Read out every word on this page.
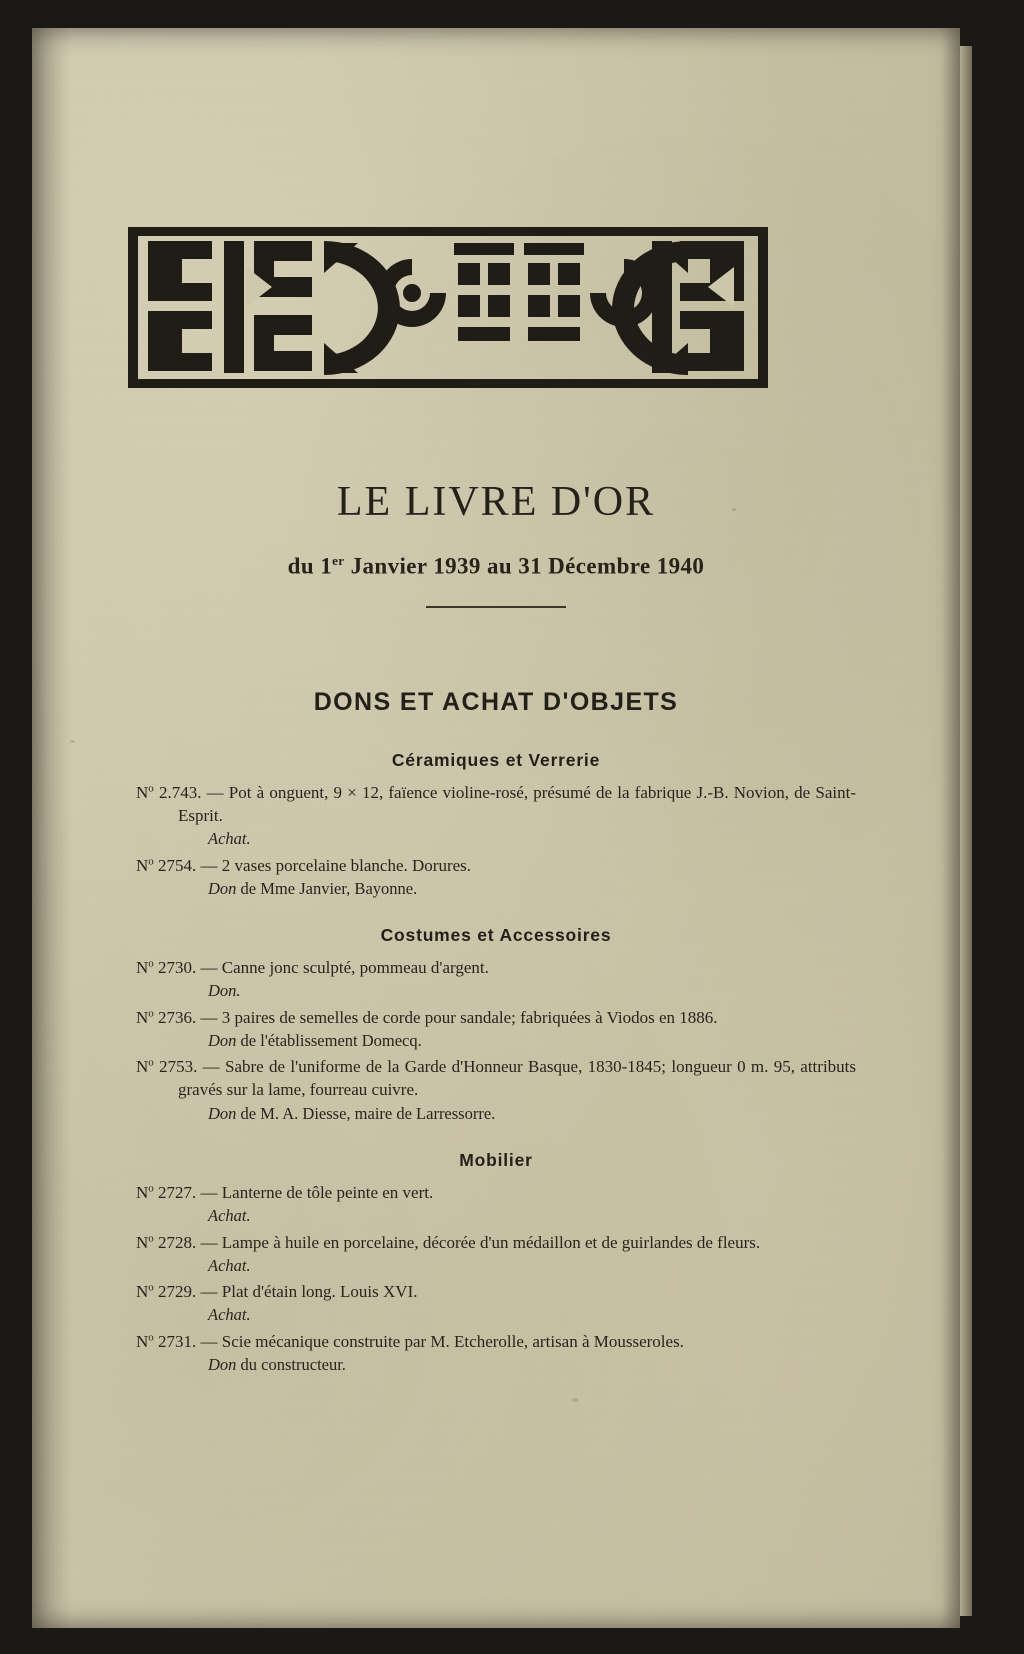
LE LIVRE D'OR
du 1er Janvier 1939 au 31 Décembre 1940
DONS ET ACHAT D'OBJETS
Céramiques et Verrerie

$N^o$ 2.743. — Pot à onguent, 9 × 12, faïence violine-rosé, présumé de la fabrique J.-B. Novion, de Saint-Esprit.

Achat.

$N^o$ 2754. — 2 vases porcelaine blanche. Dorures.

Don de Mme Janvier, Bayonne.

Costumes et Accessoires

$N^o$ 2730. — Canne jonc sculpté, pommeau d'argent.

Don.

$N^o$ 2736. — 3 paires de semelles de corde pour sandale; fabriquées à Viodos en 1886.

Don de l'établissement Domecq.

$N^o$ 2753. — Sabre de l'uniforme de la Garde d'Honneur Basque, 1830-1845; longueur 0 m. 95, attributs gravés sur la lame, fourreau cuivre.

Don de M. A. Diesse, maire de Larressorre.

Mobilier

$N^o$ 2727. — Lanterne de tôle peinte en vert.

Achat.

$N^o$ 2728. — Lampe à huile en porcelaine, décorée d'un médaillon et de guirlandes de fleurs.

Achat.

$N^o$ 2729. — Plat d'étain long. Louis XVI.

Achat.

$N^o$ 2731. — Scie mécanique construite par M. Etcherolle, artisan à Mousseroles.

Don du constructeur.
